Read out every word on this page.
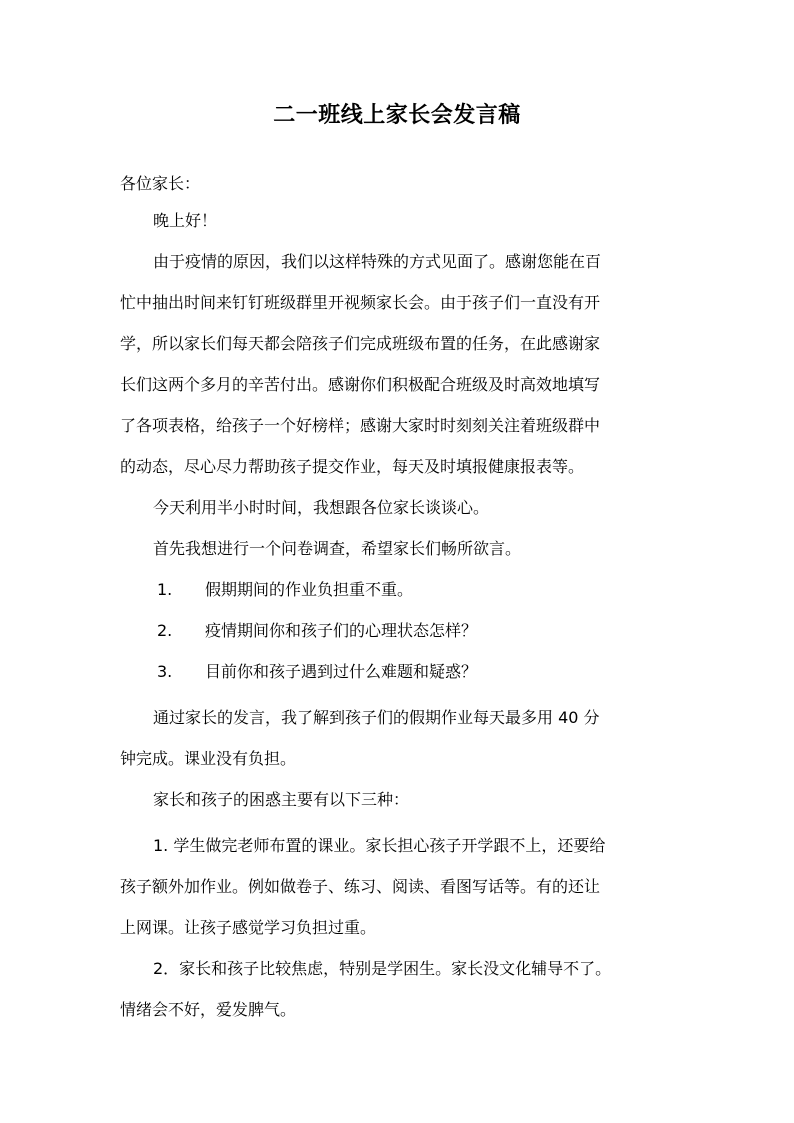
二一班线上家长会发言稿
各位家长：
晚上好！
由于疫情的原因，我们以这样特殊的方式见面了。感谢您能在百
忙中抽出时间来钉钉班级群里开视频家长会。由于孩子们一直没有开
学，所以家长们每天都会陪孩子们完成班级布置的任务，在此感谢家
长们这两个多月的辛苦付出。感谢你们积极配合班级及时高效地填写
了各项表格，给孩子一个好榜样；感谢大家时时刻刻关注着班级群中
的动态，尽心尽力帮助孩子提交作业，每天及时填报健康报表等。
今天利用半小时时间，我想跟各位家长谈谈心。
首先我想进行一个问卷调查，希望家长们畅所欲言。
1. 假期期间的作业负担重不重。
2. 疫情期间你和孩子们的心理状态怎样？
3. 目前你和孩子遇到过什么难题和疑惑？
通过家长的发言，我了解到孩子们的假期作业每天最多用 40 分
钟完成。课业没有负担。
家长和孩子的困惑主要有以下三种：
1. 学生做完老师布置的课业。家长担心孩子开学跟不上，还要给
孩子额外加作业。例如做卷子、练习、阅读、看图写话等。有的还让
上网课。让孩子感觉学习负担过重。
2．家长和孩子比较焦虑，特别是学困生。家长没文化辅导不了。
情绪会不好，爱发脾气。
